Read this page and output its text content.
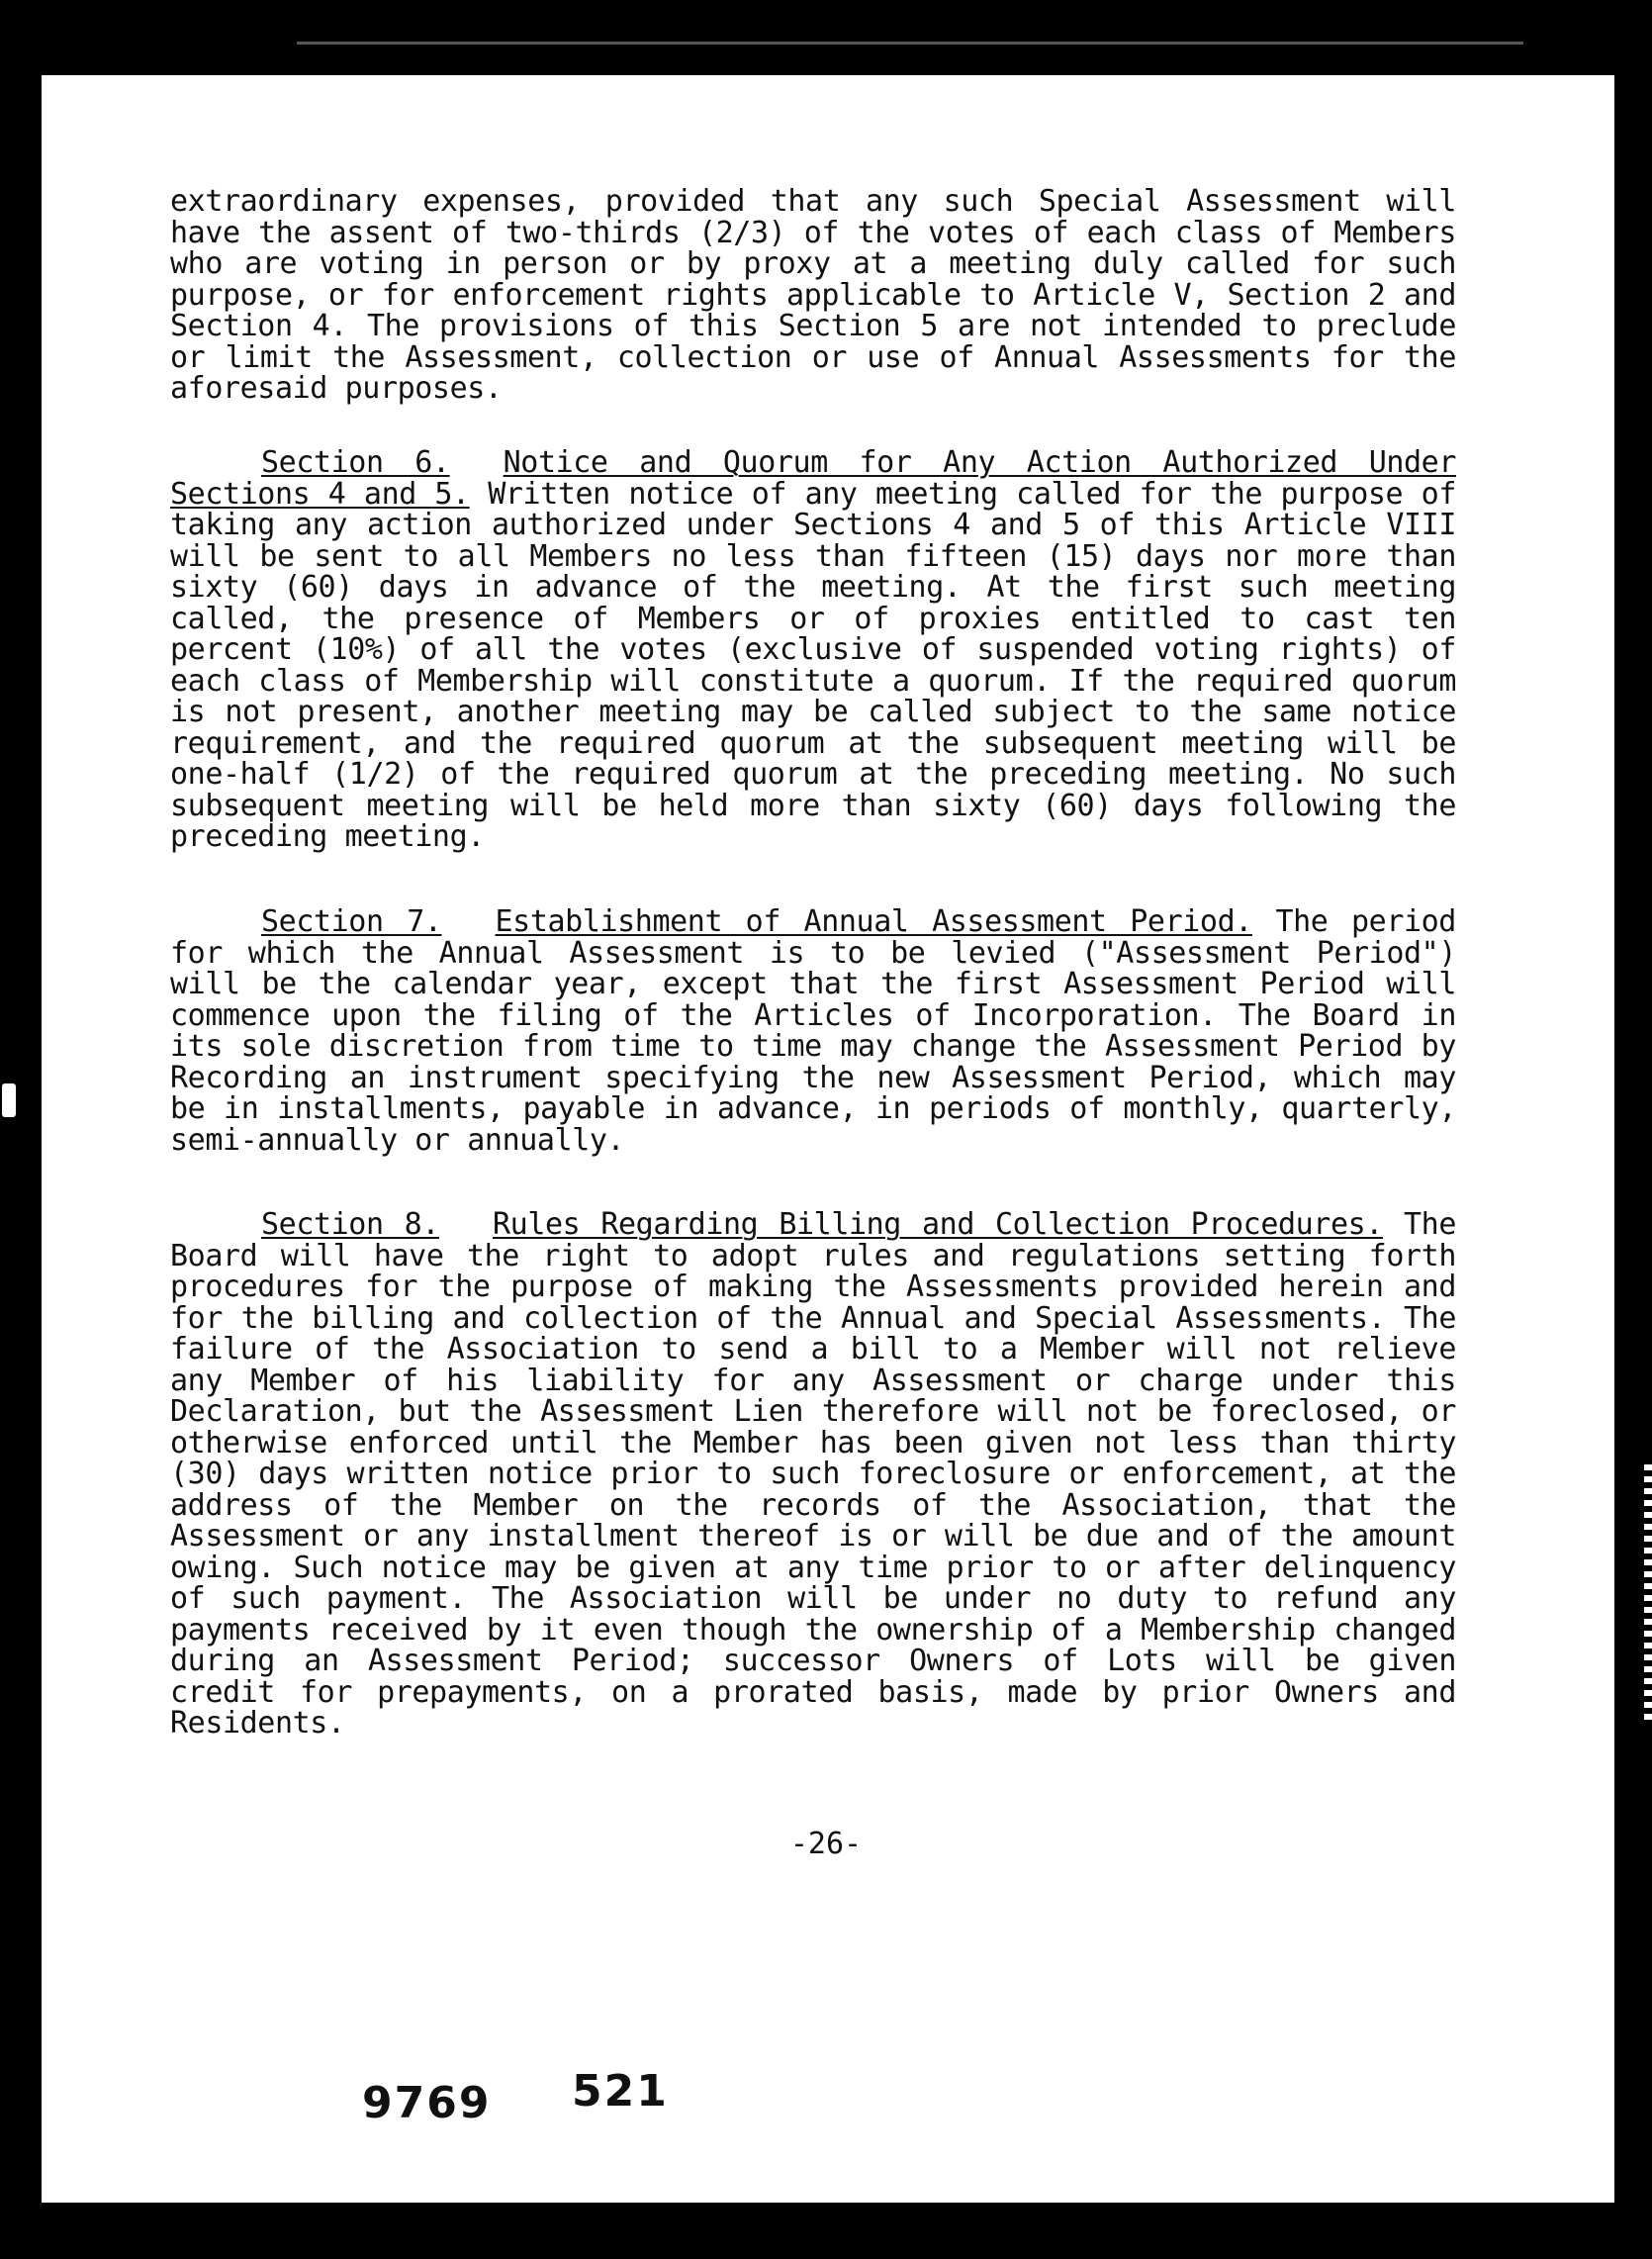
extraordinary expenses, provided that any such Special Assessment will have the assent of two-thirds (2/3) of the votes of each class of Members who are voting in person or by proxy at a meeting duly called for such purpose, or for enforcement rights applicable to Article V, Section 2 and Section 4. The provisions of this Section 5 are not intended to preclude or limit the Assessment, collection or use of Annual Assessments for the aforesaid purposes.

Section 6. Notice and Quorum for Any Action Authorized Under Sections 4 and 5. Written notice of any meeting called for the purpose of taking any action authorized under Sections 4 and 5 of this Article VIII will be sent to all Members no less than fifteen (15) days nor more than sixty (60) days in advance of the meeting. At the first such meeting called, the presence of Members or of proxies entitled to cast ten percent (10%) of all the votes (exclusive of suspended voting rights) of each class of Membership will constitute a quorum. If the required quorum is not present, another meeting may be called subject to the same notice requirement, and the required quorum at the subsequent meeting will be one-half (1/2) of the required quorum at the preceding meeting. No such subsequent meeting will be held more than sixty (60) days following the preceding meeting.

Section 7. Establishment of Annual Assessment Period. The period for which the Annual Assessment is to be levied ("Assessment Period") will be the calendar year, except that the first Assessment Period will commence upon the filing of the Articles of Incorporation. The Board in its sole discretion from time to time may change the Assessment Period by Recording an instrument specifying the new Assessment Period, which may be in installments, payable in advance, in periods of monthly, quarterly, semi-annually or annually.

Section 8. Rules Regarding Billing and Collection Procedures. The Board will have the right to adopt rules and regulations setting forth procedures for the purpose of making the Assessments provided herein and for the billing and collection of the Annual and Special Assessments. The failure of the Association to send a bill to a Member will not relieve any Member of his liability for any Assessment or charge under this Declaration, but the Assessment Lien therefore will not be foreclosed, or otherwise enforced until the Member has been given not less than thirty (30) days written notice prior to such foreclosure or enforcement, at the address of the Member on the records of the Association, that the Assessment or any installment thereof is or will be due and of the amount owing. Such notice may be given at any time prior to or after delinquency of such payment. The Association will be under no duty to refund any payments received by it even though the ownership of a Membership changed during an Assessment Period; successor Owners of Lots will be given credit for prepayments, on a prorated basis, made by prior Owners and Residents.

-26-

9769 521
